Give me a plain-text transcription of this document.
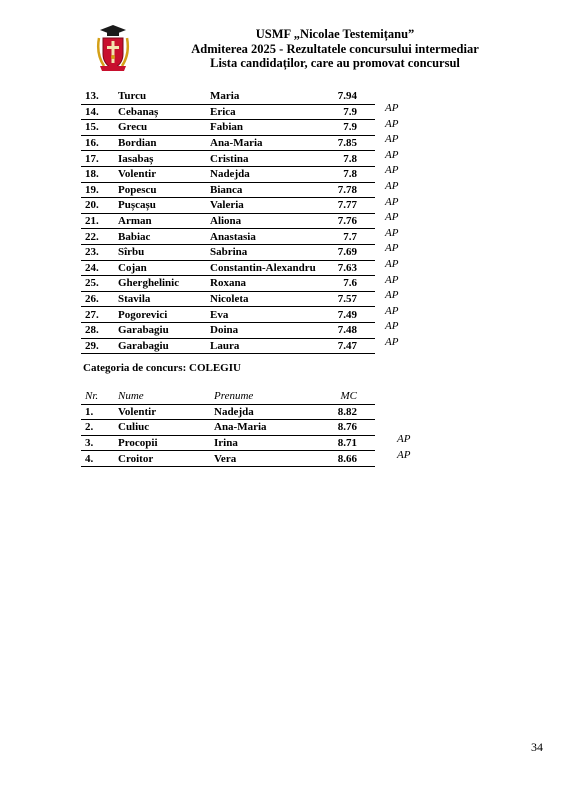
USMF „Nicolae Testemițanu”
Admiterea 2025 - Rezultatele concursului intermediar
Lista candidaților, care au promovat concursul
13.	Turcu	Maria	7.94	

14.	Cebanaș	Erica	7.9		AP

15.	Grecu	Fabian	7.9		AP

16.	Bordian	Ana-Maria	7.85		AP

17.	Iasabaș	Cristina	7.8		AP

18.	Volentir	Nadejda	7.8		AP

19.	Popescu	Bianca	7.78		AP

20.	Pușcașu	Valeria	7.77		AP

21.	Arman	Aliona	7.76		AP

22.	Babiac	Anastasia	7.7		AP

23.	Sîrbu	Sabrina	7.69		AP

24.	Cojan	Constantin-Alexandru	7.63		AP

25.	Gherghelinic	Roxana	7.6		AP

26.	Stavila	Nicoleta	7.57		AP

27.	Pogorevici	Eva	7.49		AP

28.	Garabagiu	Doina	7.48		AP

29.	Garabagiu	Laura	7.47		AP
Categoria de concurs: COLEGIU
Nr.	Nume	Prenume	MC
1.	Volentir	Nadejda	8.82	

2.	Culiuc	Ana-Maria	8.76	

3.	Procopii	Irina	8.71		AP

4.	Croitor	Vera	8.66		AP
34
